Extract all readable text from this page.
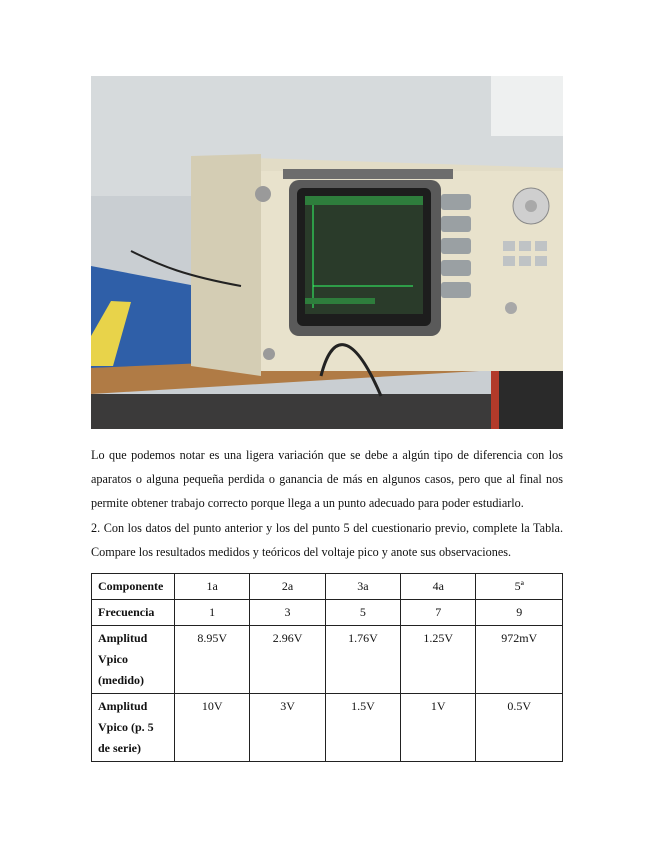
Lo que podemos notar es una ligera variación que se debe a algún tipo de diferencia con los aparatos o alguna pequeña perdida o ganancia de más en algunos casos, pero que al final nos permite obtener trabajo correcto porque llega a un punto adecuado para poder estudiarlo.

2. Con los datos del punto anterior y los del punto 5 del cuestionario previo, complete la Tabla. Compare los resultados medidos y teóricos del voltaje pico y anote sus observaciones.

Componente	1a	2a	3a	4a	5ª
Frecuencia	1	3	5	7	9
Amplitud Vpico (medido)	8.95V	2.96V	1.76V	1.25V	972mV
Amplitud Vpico (p. 5 de serie)	10V	3V	1.5V	1V	0.5V
